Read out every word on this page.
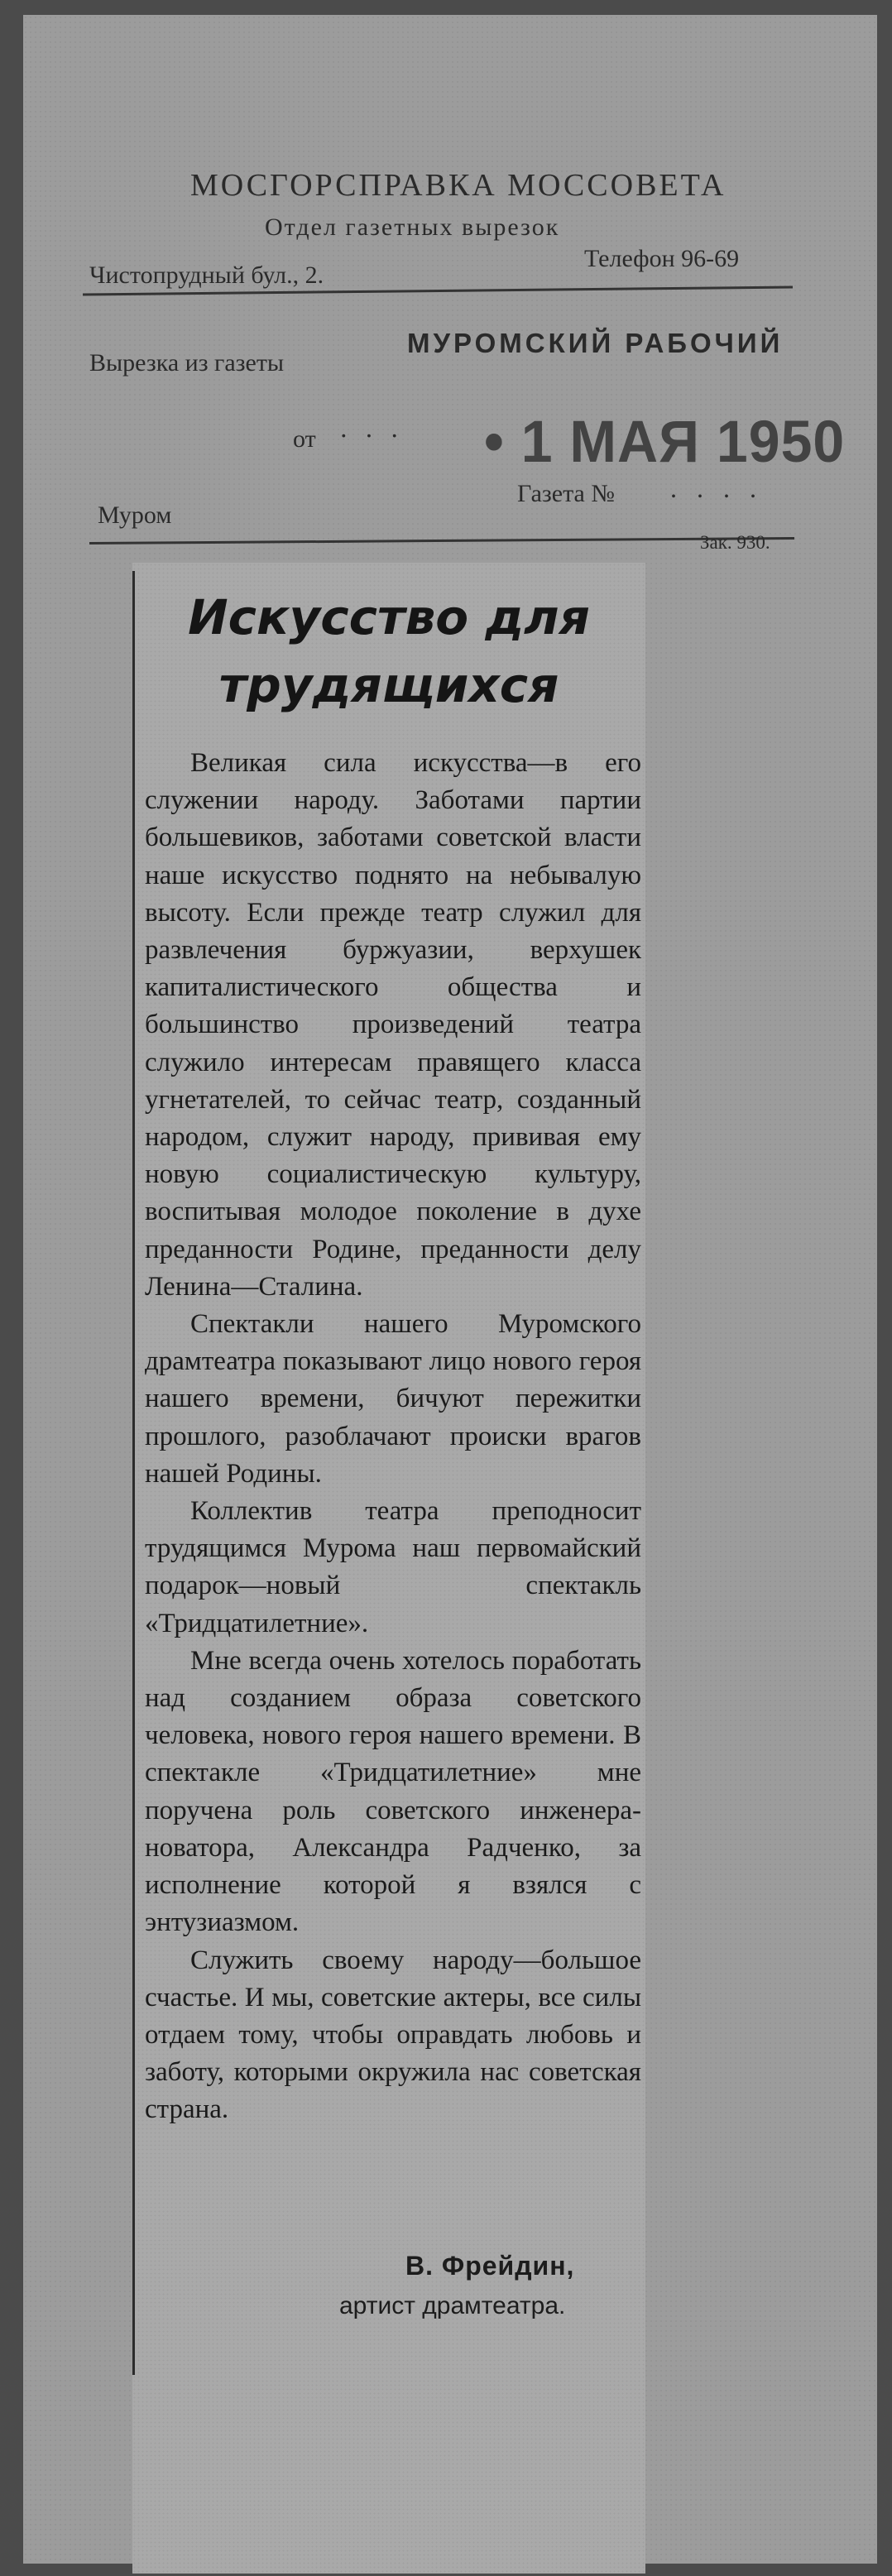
МОСГОРСПРАВКА МОССОВЕТА
Отдел газетных вырезок
Чистопрудный бул., 2.
Телефон 96-69
Вырезка из газеты
МУРОМСКИЙ РАБОЧИЙ
от · · · • 1 МАЯ 1950
Муром
Газета № . . . .
Зак. 930.
Искусство для
трудящихся

Великая сила искусства—в его служении народу. Заботами партии большевиков, заботами советской власти наше искусство поднято на небывалую высоту. Если прежде театр служил для развлечения буржуазии, верхушек капиталистического общества и большинство произведений театра служило интересам правящего класса угнетателей, то сейчас театр, созданный народом, служит народу, прививая ему новую социалистическую культуру, воспитывая молодое поколение в духе преданности Родине, преданности делу Ленина—Сталина.

Спектакли нашего Муромского драмтеатра показывают лицо нового героя нашего времени, бичуют пережитки прошлого, разоблачают происки врагов нашей Родины.

Коллектив театра преподносит трудящимся Мурома наш первомайский подарок—новый спектакль «Тридцатилетние».

Мне всегда очень хотелось поработать над созданием образа советского человека, нового героя нашего времени. В спектакле «Тридцатилетние» мне поручена роль советского инженера-новатора, Александра Радченко, за исполнение которой я взялся с энтузиазмом.

Служить своему народу—большое счастье. И мы, советские актеры, все силы отдаем тому, чтобы оправдать любовь и заботу, которыми окружила нас советская страна.

В. Фрейдин,
артист драмтеатра.
